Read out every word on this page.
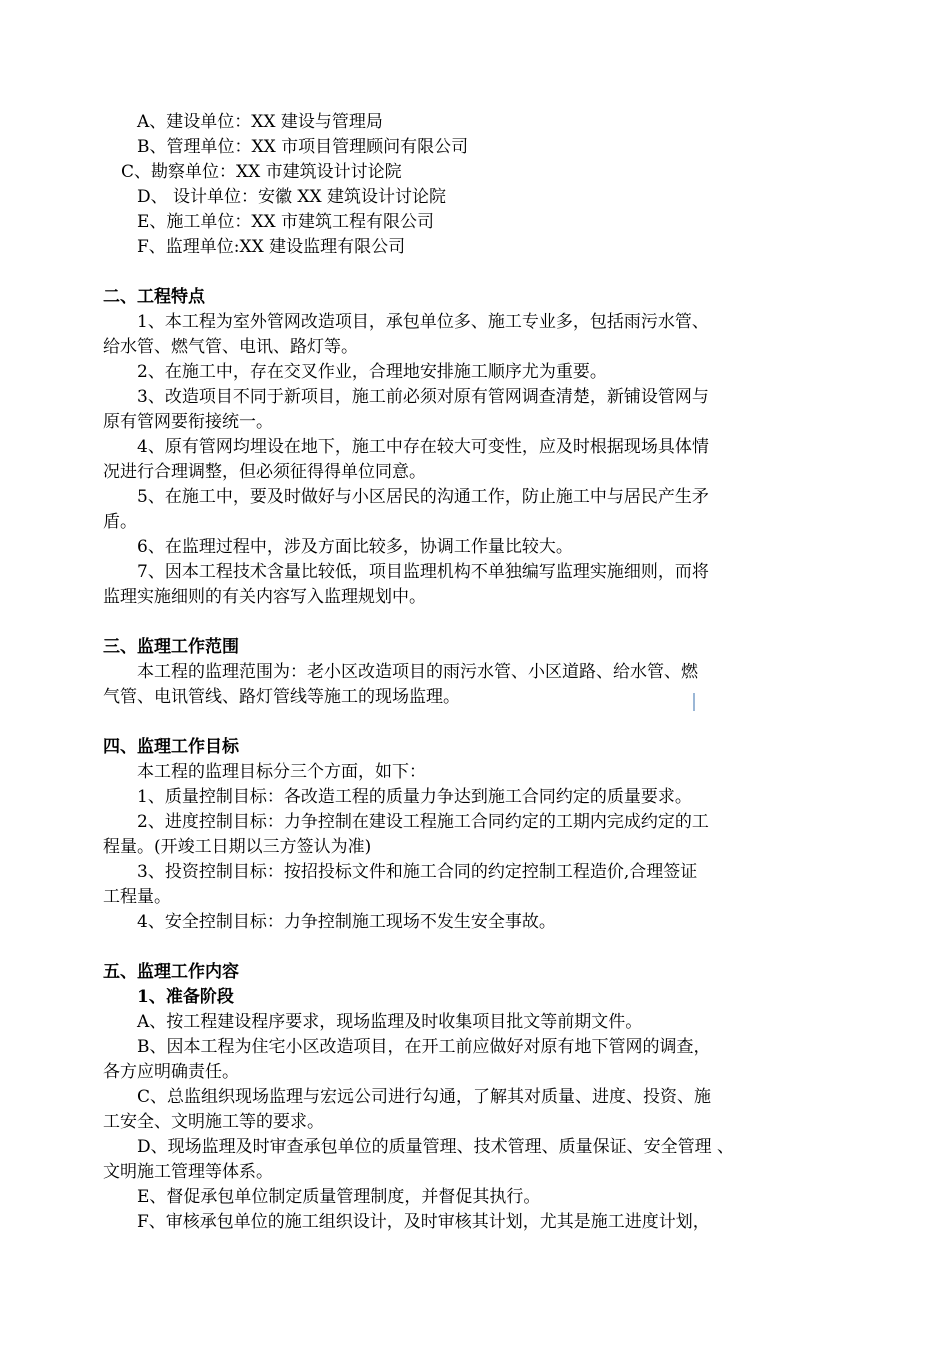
A、建设单位：XX 建设与管理局
B、管理单位：XX 市项目管理顾问有限公司
C、勘察单位：XX 市建筑设计讨论院
D、 设计单位：安徽 XX 建筑设计讨论院
E、施工单位：XX 市建筑工程有限公司
F、监理单位:XX 建设监理有限公司
二、工程特点
1、本工程为室外管网改造项目，承包单位多、施工专业多，包括雨污水管、
给水管、燃气管、电讯、路灯等。
2、在施工中，存在交叉作业，合理地安排施工顺序尤为重要。
3、改造项目不同于新项目，施工前必须对原有管网调查清楚，新铺设管网与
原有管网要衔接统一。
4、原有管网均埋设在地下，施工中存在较大可变性，应及时根据现场具体情
况进行合理调整，但必须征得得单位同意。
5、在施工中，要及时做好与小区居民的沟通工作，防止施工中与居民产生矛
盾。
6、在监理过程中，涉及方面比较多，协调工作量比较大。
7、因本工程技术含量比较低，项目监理机构不单独编写监理实施细则，而将
监理实施细则的有关内容写入监理规划中。
三、监理工作范围
本工程的监理范围为：老小区改造项目的雨污水管、小区道路、给水管、燃
气管、电讯管线、路灯管线等施工的现场监理。
四、监理工作目标
本工程的监理目标分三个方面，如下：
1、质量控制目标：各改造工程的质量力争达到施工合同约定的质量要求。
2、进度控制目标：力争控制在建设工程施工合同约定的工期内完成约定的工
程量。(开竣工日期以三方签认为准)
3、投资控制目标：按招投标文件和施工合同的约定控制工程造价,合理签证
工程量。
4、安全控制目标：力争控制施工现场不发生安全事故。
五、监理工作内容
1、准备阶段
A、按工程建设程序要求，现场监理及时收集项目批文等前期文件。
B、因本工程为住宅小区改造项目，在开工前应做好对原有地下管网的调查，
各方应明确责任。
C、总监组织现场监理与宏远公司进行勾通，了解其对质量、进度、投资、施
工安全、文明施工等的要求。
D、现场监理及时审查承包单位的质量管理、技术管理、质量保证、安全管理 、
文明施工管理等体系。
E、督促承包单位制定质量管理制度，并督促其执行。
F、审核承包单位的施工组织设计，及时审核其计划，尤其是施工进度计划，
